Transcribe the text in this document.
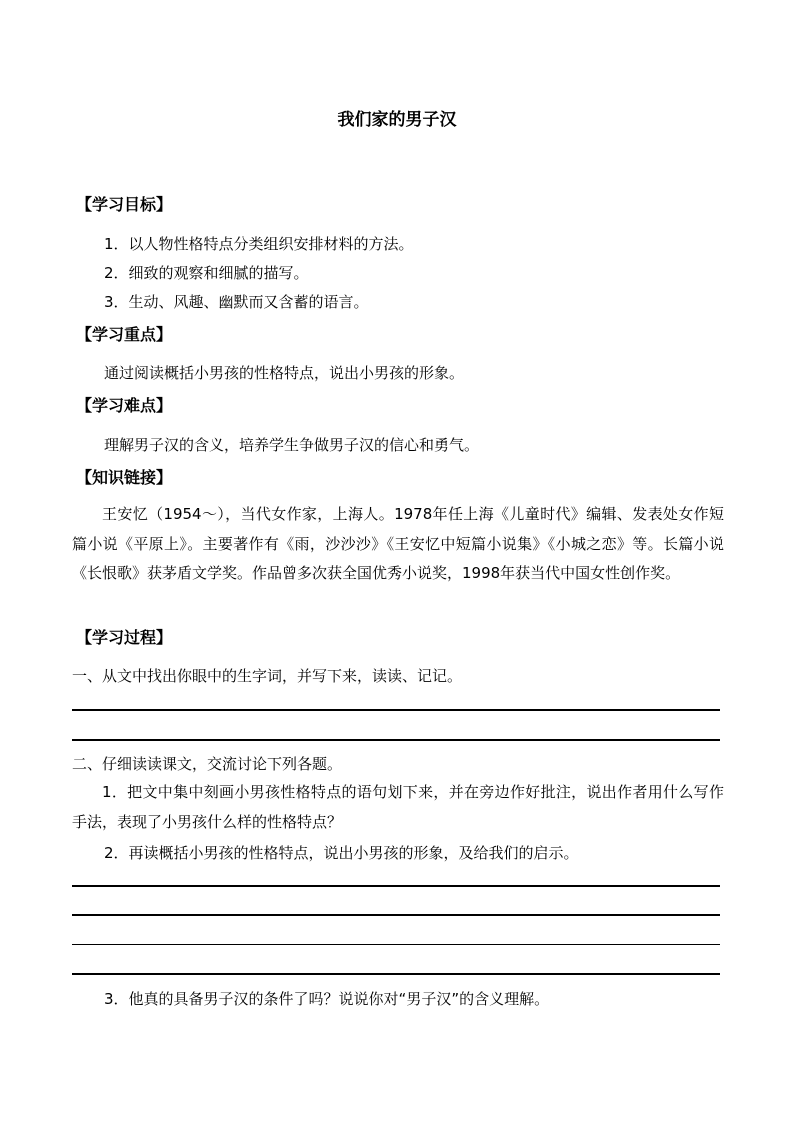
我们家的男子汉
【学习目标】
1．以人物性格特点分类组织安排材料的方法。
2．细致的观察和细腻的描写。
3．生动、风趣、幽默而又含蓄的语言。
【学习重点】
通过阅读概括小男孩的性格特点，说出小男孩的形象。
【学习难点】
理解男子汉的含义，培养学生争做男子汉的信心和勇气。
【知识链接】
王安忆（1954～），当代女作家，上海人。1978年任上海《儿童时代》编辑、发表处女作短篇小说《平原上》。主要著作有《雨，沙沙沙》《王安忆中短篇小说集》《小城之恋》等。长篇小说《长恨歌》获茅盾文学奖。作品曾多次获全国优秀小说奖，1998年获当代中国女性创作奖。
【学习过程】
一、从文中找出你眼中的生字词，并写下来，读读、记记。
二、仔细读读课文，交流讨论下列各题。
1．把文中集中刻画小男孩性格特点的语句划下来，并在旁边作好批注，说出作者用什么写作手法，表现了小男孩什么样的性格特点？
2．再读概括小男孩的性格特点，说出小男孩的形象，及给我们的启示。
3．他真的具备男子汉的条件了吗？说说你对“男子汉”的含义理解。
